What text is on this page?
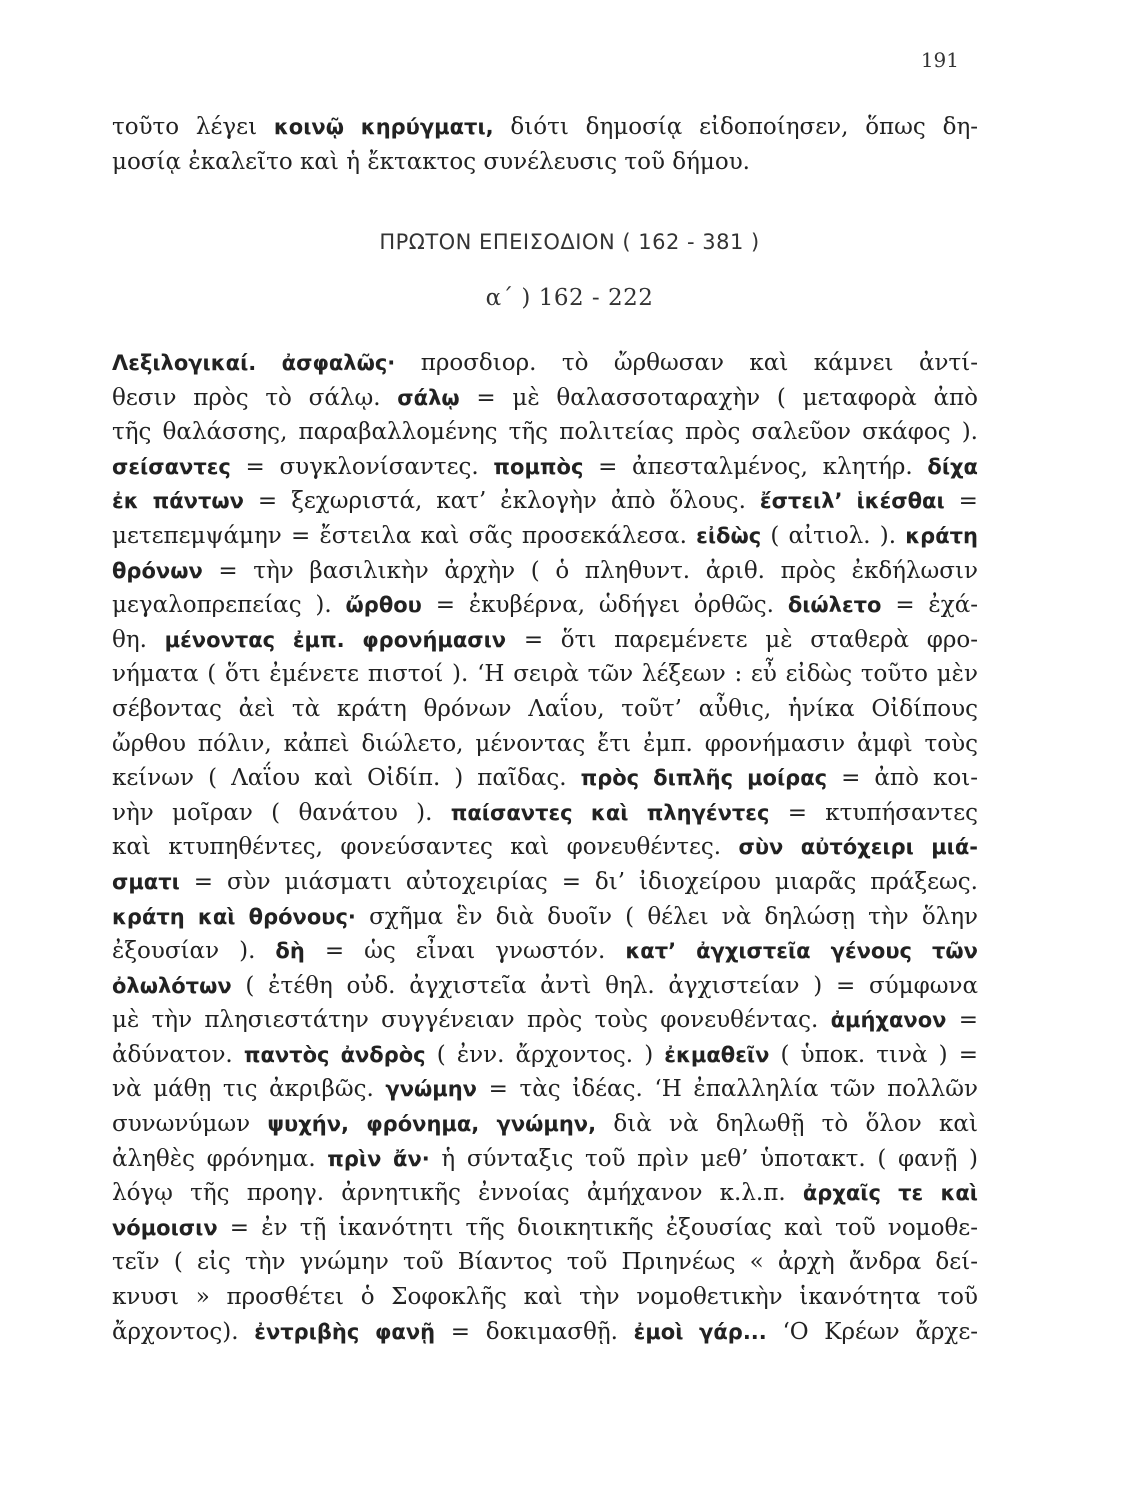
191
τοῦτο λέγει κοινῷ κηρύγματι, διότι δημοσίᾳ εἰδοποίησεν, ὅπως δη-
μοσίᾳ ἐκαλεῖτο καὶ ἡ ἔκτακτος συνέλευσις τοῦ δήμου.
ΠΡΩΤΟΝ ΕΠΕΙΣΟΔΙΟΝ ( 162 - 381 )
α΄ ) 162 - 222
Λεξιλογικαί. ἀσφαλῶς· προσδιορ. τὸ ὤρθωσαν καὶ κάμνει ἀντί-
θεσιν πρὸς τὸ σάλῳ. σάλῳ = μὲ θαλασσοταραχὴν ( μεταφορὰ ἀπὸ
τῆς θαλάσσης, παραβαλλομένης τῆς πολιτείας πρὸς σαλεῦον σκάφος ).
σείσαντες = συγκλονίσαντες. πομπὸς = ἀπεσταλμένος, κλητήρ. δίχα
ἐκ πάντων = ξεχωριστά, κατ’ ἐκλογὴν ἀπὸ ὅλους. ἔστειλ’ ἱκέσθαι =
μετεπεμψάμην = ἔστειλα καὶ σᾶς προσεκάλεσα. εἰδὼς ( αἰτιολ. ). κράτη
θρόνων = τὴν βασιλικὴν ἀρχὴν ( ὁ πληθυντ. ἀριθ. πρὸς ἐκδήλωσιν
μεγαλοπρεπείας ). ὤρθου = ἐκυβέρνα, ὡδήγει ὀρθῶς. διώλετο = ἐχά-
θη. μένοντας ἐμπ. φρονήμασιν = ὅτι παρεμένετε μὲ σταθερὰ φρο-
νήματα ( ὅτι ἐμένετε πιστοί ). ‘Η σειρὰ τῶν λέξεων : εὖ εἰδὼς τοῦτο μὲν
σέβοντας ἀεὶ τὰ κράτη θρόνων Λαΐου, τοῦτ’ αὖθις, ἡνίκα Οἰδίπους
ὤρθου πόλιν, κἀπεὶ διώλετο, μένοντας ἔτι ἐμπ. φρονήμασιν ἀμφὶ τοὺς
κείνων ( Λαΐου καὶ Οἰδίπ. ) παῖδας. πρὸς διπλῆς μοίρας = ἀπὸ κοι-
νὴν μοῖραν ( θανάτου ). παίσαντες καὶ πληγέντες = κτυπήσαντες
καὶ κτυπηθέντες, φονεύσαντες καὶ φονευθέντες. σὺν αὐτόχειρι μιά-
σματι = σὺν μιάσματι αὐτοχειρίας = δι’ ἰδιοχείρου μιαρᾶς πράξεως.
κράτη καὶ θρόνους· σχῆμα ἓν διὰ δυοῖν ( θέλει νὰ δηλώσῃ τὴν ὅλην
ἐξουσίαν ). δὴ = ὡς εἶναι γνωστόν. κατ’ ἀγχιστεῖα γένους τῶν
ὀλωλότων ( ἐτέθη οὐδ. ἀγχιστεῖα ἀντὶ θηλ. ἀγχιστείαν ) = σύμφωνα
μὲ τὴν πλησιεστάτην συγγένειαν πρὸς τοὺς φονευθέντας. ἀμήχανον =
ἀδύνατον. παντὸς ἀνδρὸς ( ἐνν. ἄρχοντος. ) ἐκμαθεῖν ( ὑποκ. τινὰ ) =
νὰ μάθῃ τις ἀκριβῶς. γνώμην = τὰς ἰδέας. ‘Η ἐπαλληλία τῶν πολλῶν
συνωνύμων ψυχήν, φρόνημα, γνώμην, διὰ νὰ δηλωθῇ τὸ ὅλον καὶ
ἀληθὲς φρόνημα. πρὶν ἄν· ἡ σύνταξις τοῦ πρὶν μεθ’ ὑποτακτ. ( φανῇ )
λόγῳ τῆς προηγ. ἀρνητικῆς ἐννοίας ἀμήχανον κ.λ.π. ἀρχαῖς τε καὶ
νόμοισιν = ἐν τῇ ἱκανότητι τῆς διοικητικῆς ἐξουσίας καὶ τοῦ νομοθε-
τεῖν ( εἰς τὴν γνώμην τοῦ Βίαντος τοῦ Πριηνέως « ἀρχὴ ἄνδρα δεί-
κνυσι » προσθέτει ὁ Σοφοκλῆς καὶ τὴν νομοθετικὴν ἱκανότητα τοῦ
ἄρχοντος). ἐντριβὴς φανῇ = δοκιμασθῇ. ἐμοὶ γάρ... ‘Ο Κρέων ἄρχε-
